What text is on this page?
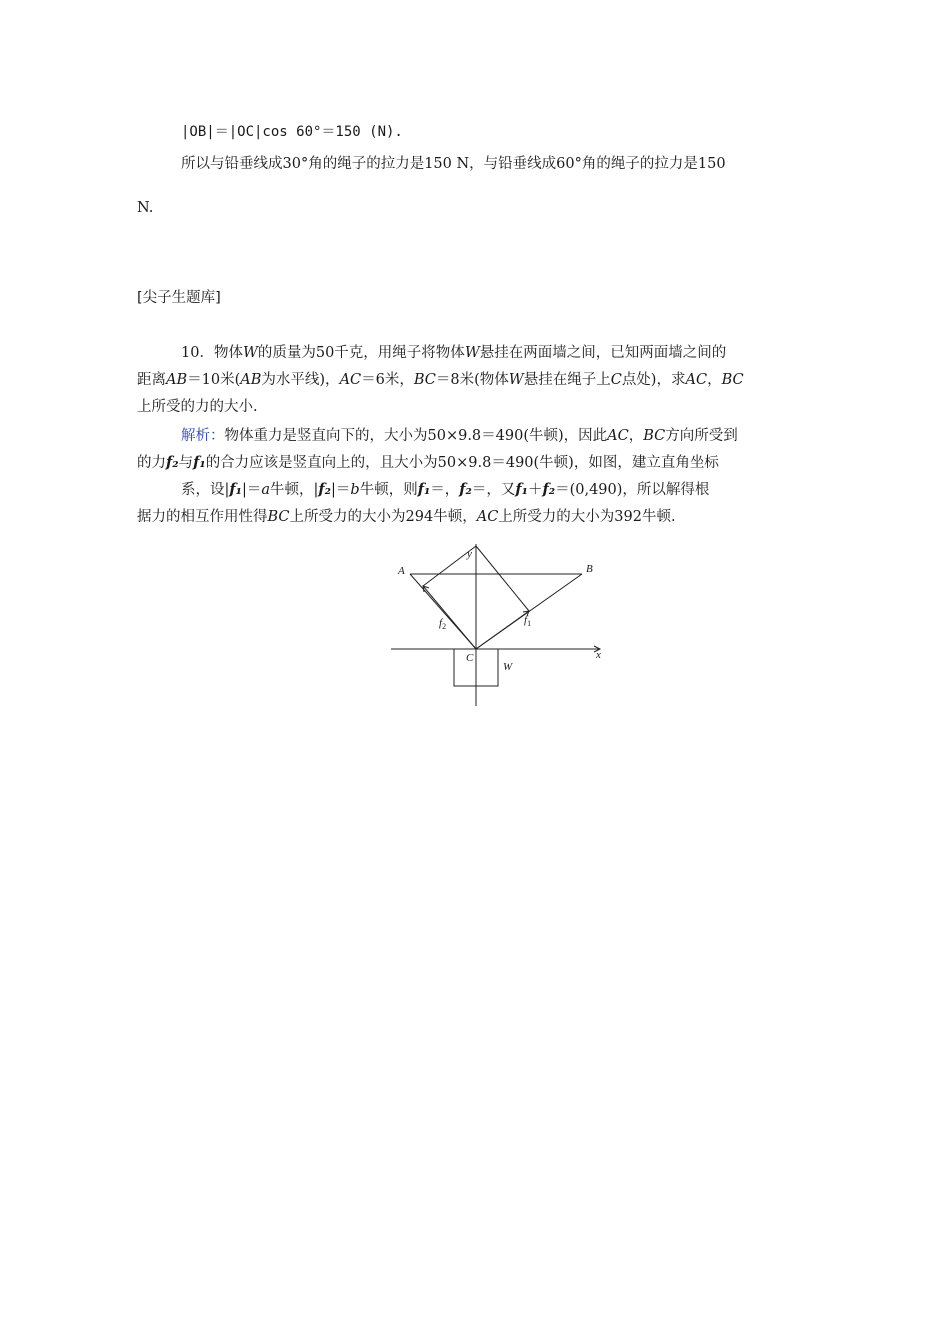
|OB|＝|OC|cos 60°＝150 (N).
所以与铅垂线成30°角的绳子的拉力是150 N，与铅垂线成60°角的绳子的拉力是150
N.
[尖子生题库]
10．物体W的质量为50千克，用绳子将物体W悬挂在两面墙之间，已知两面墙之间的
距离AB＝10米(AB为水平线)，AC＝6米，BC＝8米(物体W悬挂在绳子上C点处)，求AC，BC
上所受的力的大小.
解析：物体重力是竖直向下的，大小为50×9.8＝490(牛顿)，因此AC，BC方向所受到
的力f₂与f₁的合力应该是竖直向上的，且大小为50×9.8＝490(牛顿)，如图，建立直角坐标
系，设|f₁|＝a牛顿，|f₂|＝b牛顿，则f₁＝，f₂＝，又f₁＋f₂＝(0,490)，所以解得根
据力的相互作用性得BC上所受力的大小为294牛顿，AC上所受力的大小为392牛顿.
A	B
C
W
x
y
$f_1$
$f_2$
